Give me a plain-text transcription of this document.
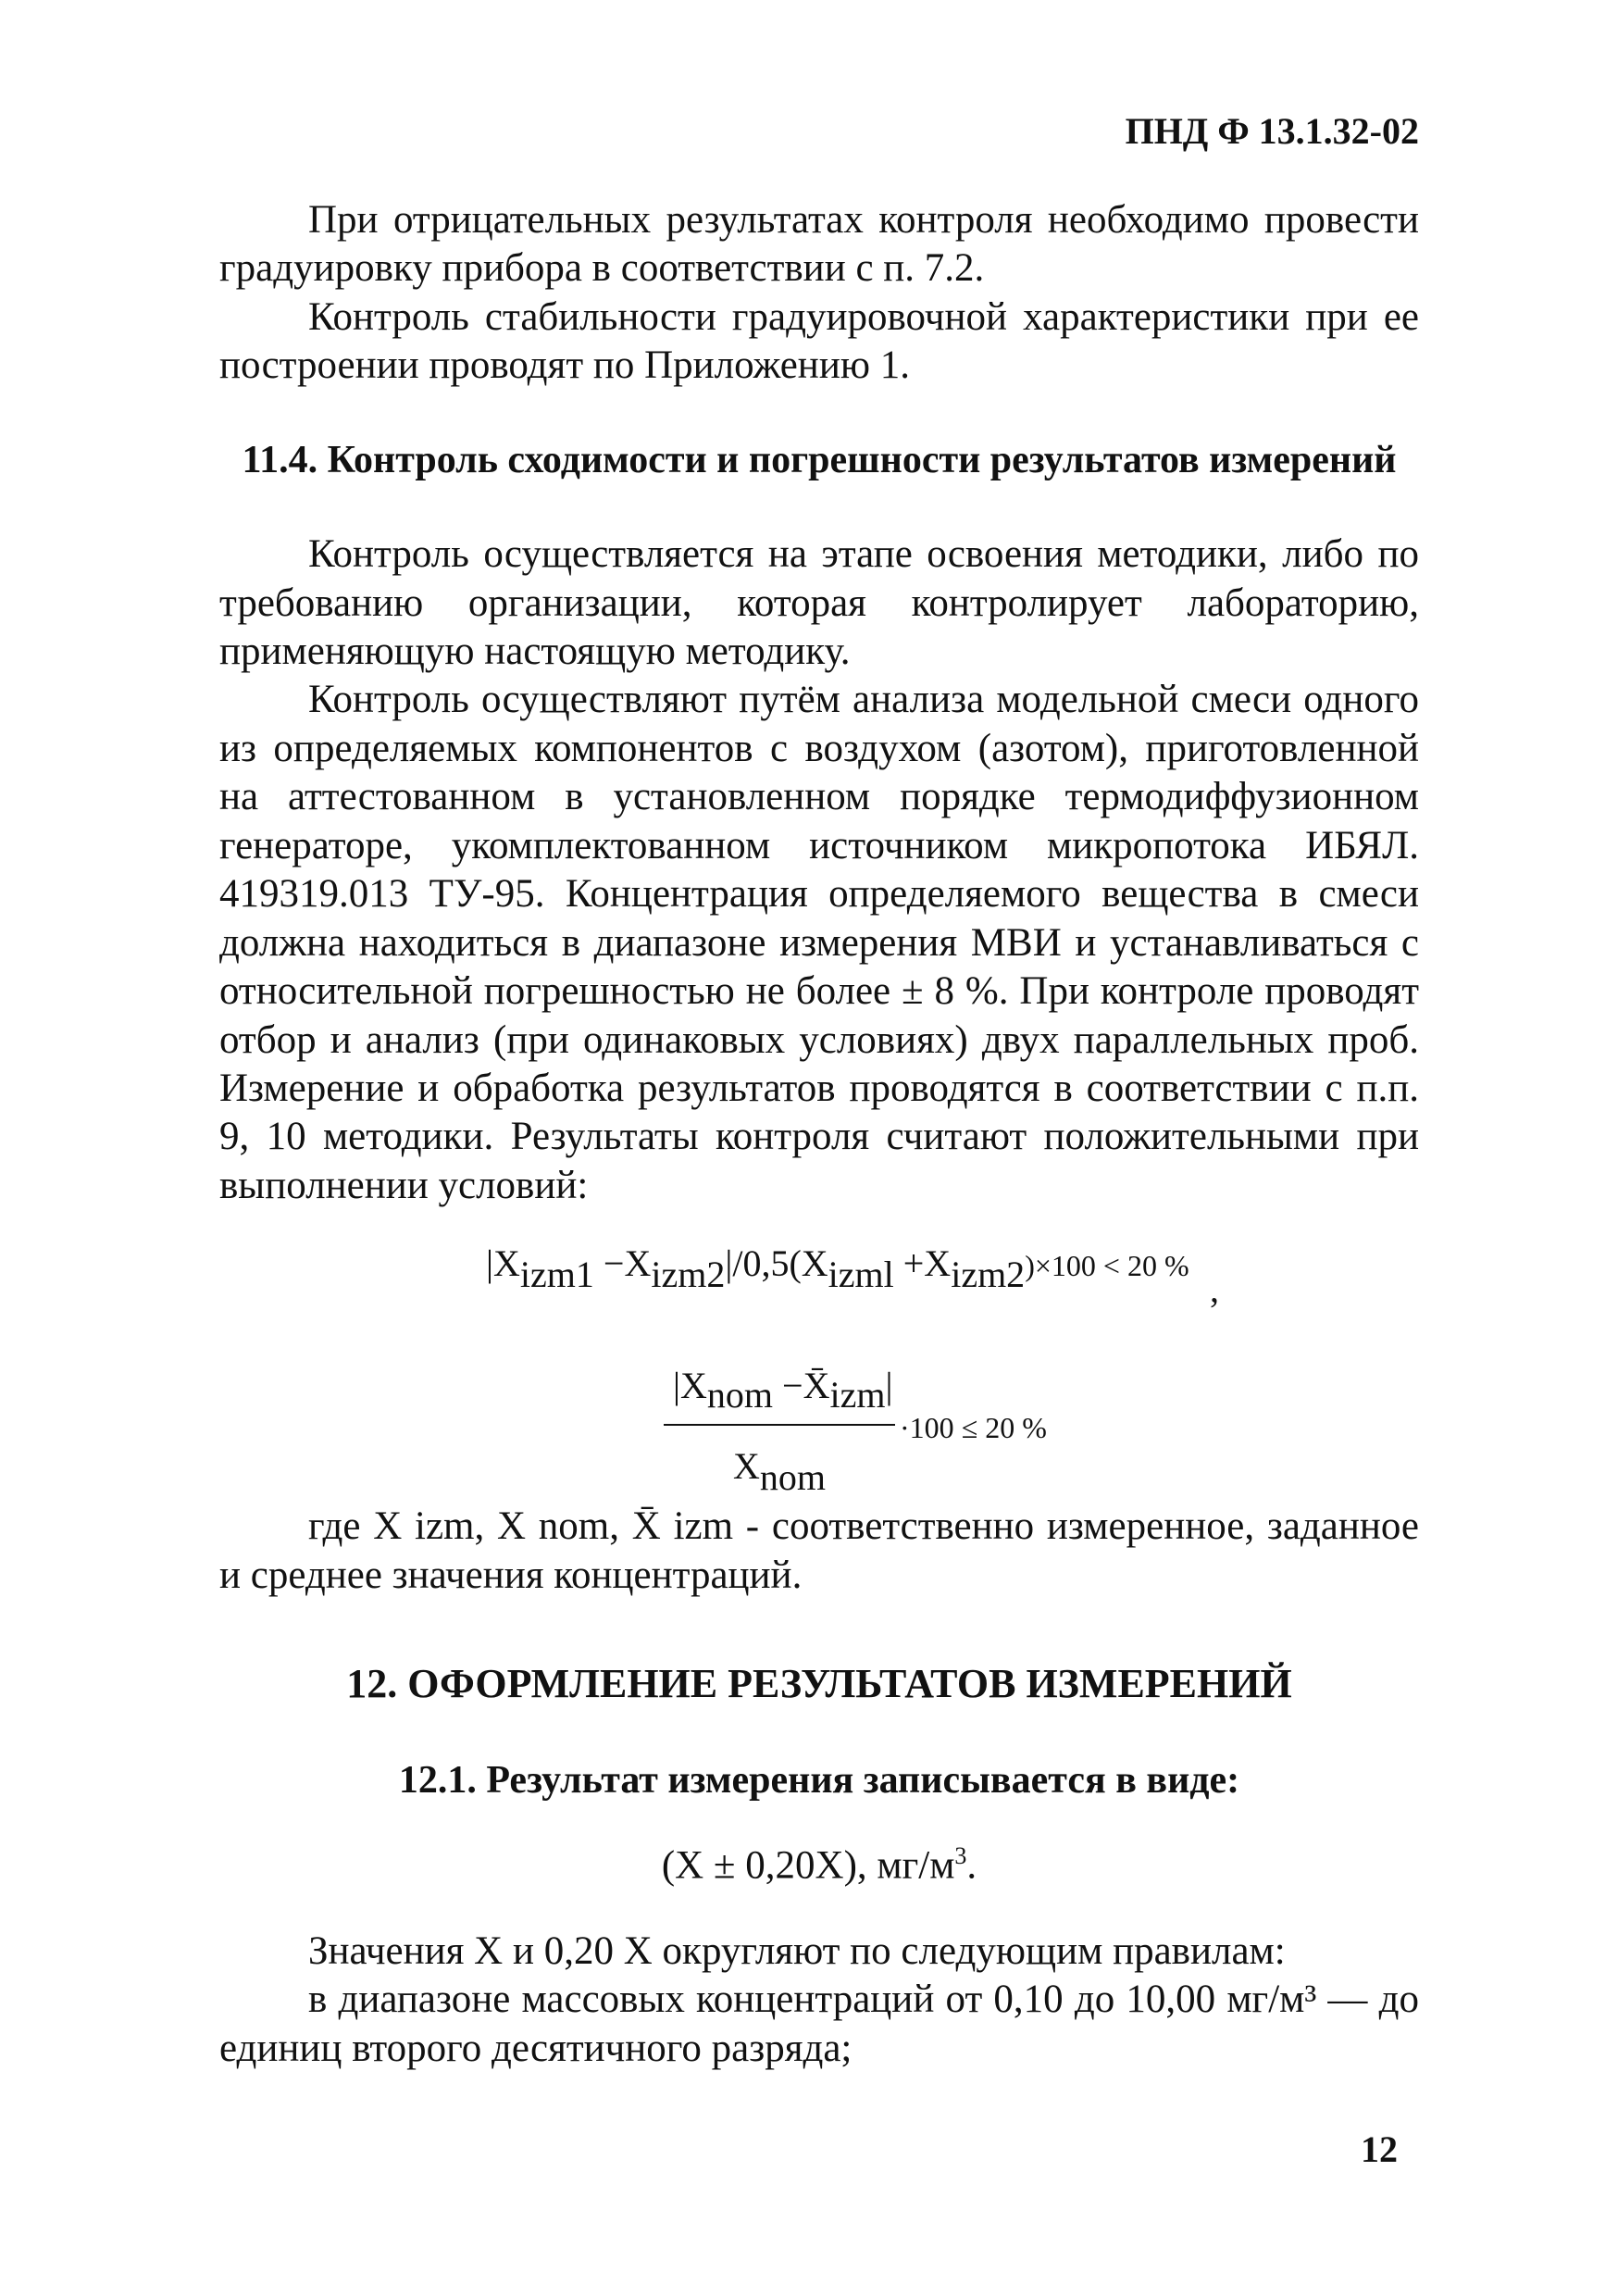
ПНД Ф 13.1.32-02

При отрицательных результатах контроля необходимо провести градуировку прибора в соответствии с п. 7.2.

Контроль стабильности градуировочной характеристики при ее построении проводят по Приложению 1.

11.4. Контроль сходимости и погрешности результатов измерений

Контроль осуществляется на этапе освоения методики, либо по требованию организации, которая контролирует лабораторию, применяющую настоящую методику.

Контроль осуществляют путём анализа модельной смеси одного из определяемых компонентов с воздухом (азотом), приготовленной на аттестованном в установленном порядке термодиффузионном генераторе, укомплектованном источником микропотока ИБЯЛ. 419319.013 ТУ-95. Концентрация определяемого вещества в смеси должна находиться в диапазоне измерения МВИ и устанавливаться с относительной погрешностью не более ± 8 %. При контроле проводят отбор и анализ (при одинаковых условиях) двух параллельных проб. Измерение и обработка результатов проводятся в соответствии с п.п. 9, 10 методики. Результаты контроля считают положительными при выполнении условий:

$|X_{izm1} -X_{izm2}|/0,5(X_{izml} +X_{izm2})\times 100 < 20$ %
,
$|X_{nom}$ $-X̄_{izm}|$
$X_{nom}$
·100 ≤ 20 %

где X izm, X nom, X̄ izm - соответственно измеренное, заданное и среднее значения концентраций.

12. ОФОРМЛЕНИЕ РЕЗУЛЬТАТОВ ИЗМЕРЕНИЙ
12.1. Результат измерения записывается в виде:
(X ± 0,20X), $мг/м^3$.

Значения X и 0,20 X округляют по следующим правилам:

в диапазоне массовых концентраций от 0,10 до 10,00 мг/м³ — до единиц второго десятичного разряда;

12
